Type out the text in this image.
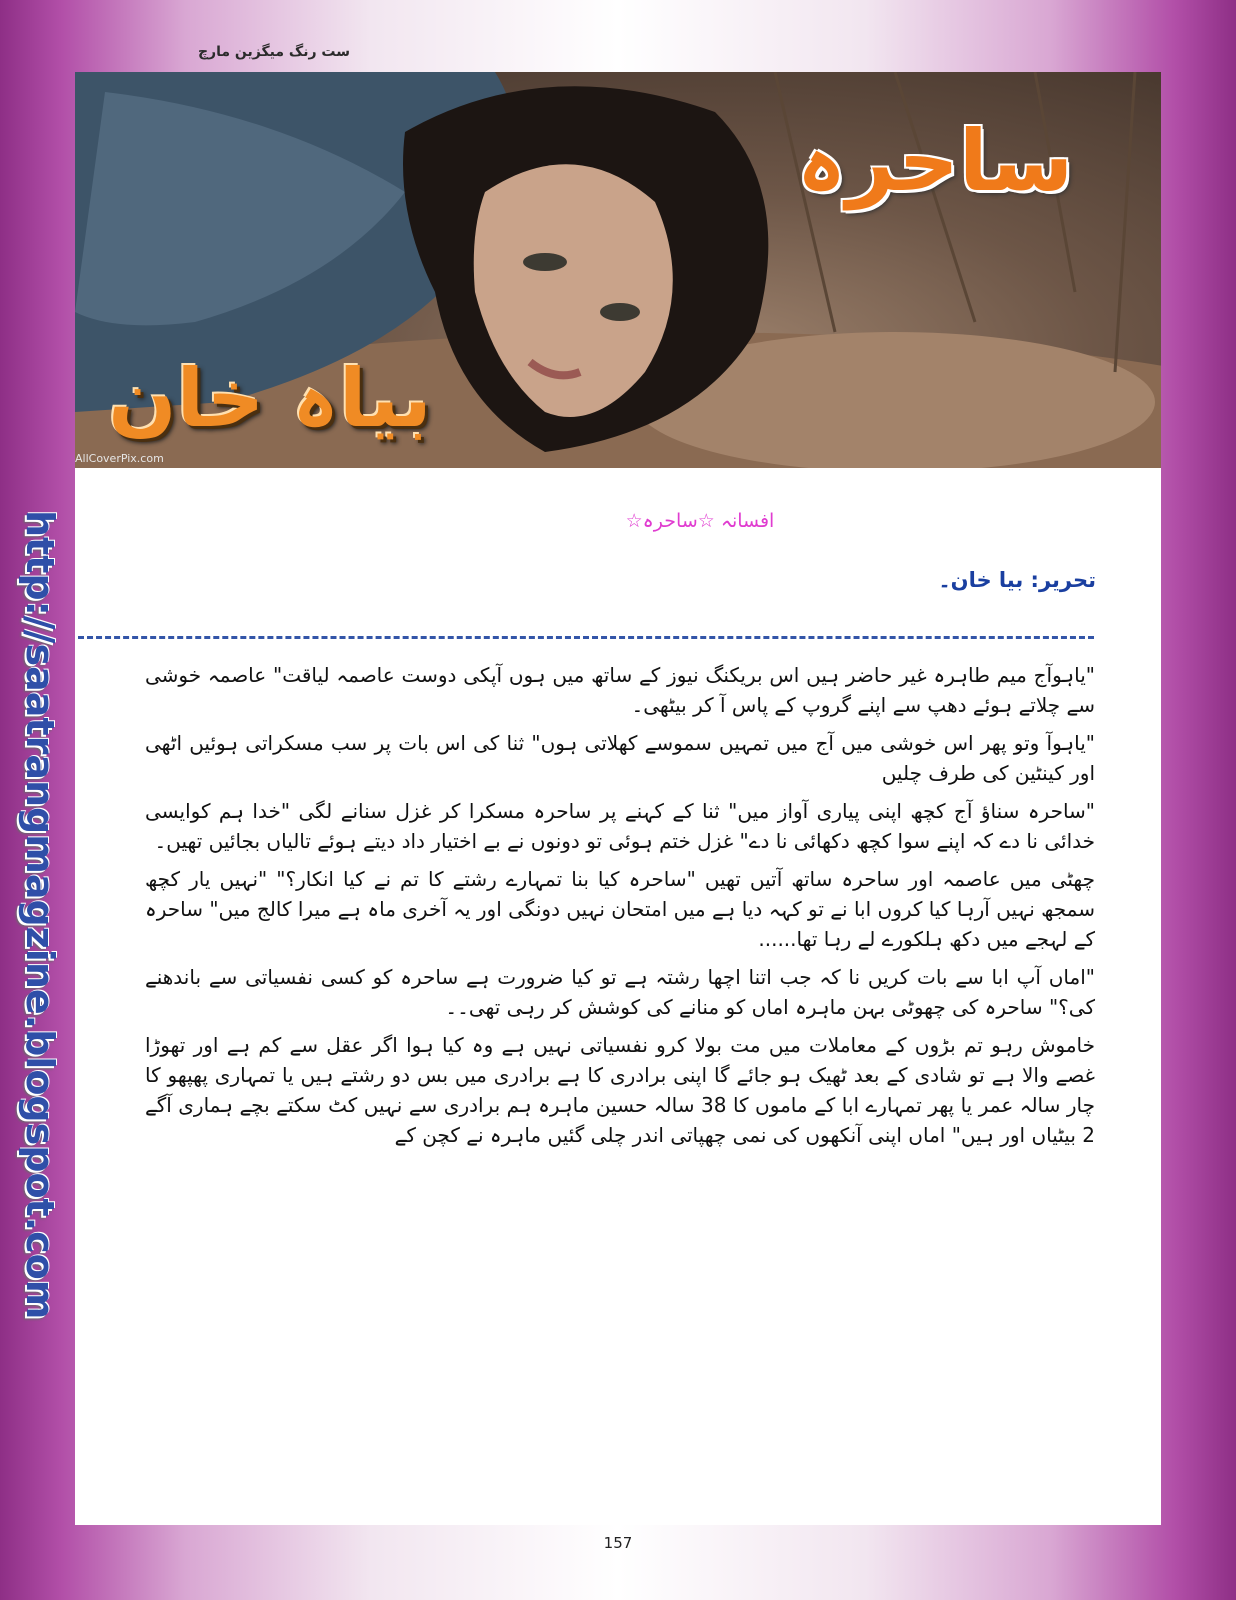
ست رنگ میگزین مارچ
ساحرہ
بیاہ خان
AllCoverPix.com
http://saatrangmagzine.blogspot.com	افسانہ ☆ساحرہ☆
تحریر: بیا خان۔

"یاہوآج میم طاہرہ غیر حاضر ہیں اس بریکنگ نیوز کے ساتھ میں ہوں آپکی دوست عاصمہ لیاقت" عاصمہ خوشی سے چلاتے ہوئے دھپ سے اپنے گروپ کے پاس آ کر بیٹھی۔

"یاہوآ وتو پھر اس خوشی میں آج میں تمہیں سموسے کھلاتی ہوں" ثنا کی اس بات پر سب مسکراتی ہوئیں اٹھی اور کینٹین کی طرف چلیں

"ساحرہ سناؤ آج کچھ اپنی پیاری آواز میں" ثنا کے کہنے پر ساحرہ مسکرا کر غزل سنانے لگی "خدا ہم کوایسی خدائی نا دے کہ اپنے سوا کچھ دکھائی نا دے" غزل ختم ہوئی تو دونوں نے بے اختیار داد دیتے ہوئے تالیاں بجائیں تھیں۔

چھٹی میں عاصمہ اور ساحرہ ساتھ آتیں تھیں "ساحرہ کیا بنا تمہارے رشتے کا تم نے کیا انکار؟" "نہیں یار کچھ سمجھ نہیں آرہا کیا کروں ابا نے تو کہہ دیا ہے میں امتحان نہیں دونگی اور یہ آخری ماہ ہے میرا کالج میں" ساحرہ کے لہجے میں دکھ ہلکورے لے رہا تھا......

"اماں آپ ابا سے بات کریں نا کہ جب اتنا اچھا رشتہ ہے تو کیا ضرورت ہے ساحرہ کو کسی نفسیاتی سے باندھنے کی؟" ساحرہ کی چھوٹی بہن ماہرہ اماں کو منانے کی کوشش کر رہی تھی۔۔

خاموش رہو تم بڑوں کے معاملات میں مت بولا کرو نفسیاتی نہیں ہے وہ کیا ہوا اگر عقل سے کم ہے اور تھوڑا غصے والا ہے تو شادی کے بعد ٹھیک ہو جائے گا اپنی برادری کا ہے برادری میں بس دو رشتے ہیں یا تمہاری پھپھو کا چار سالہ عمر یا پھر تمہارے ابا کے ماموں کا 38 سالہ حسین ماہرہ ہم برادری سے نہیں کٹ سکتے بچے ہماری آگے 2 بیٹیاں اور ہیں" اماں اپنی آنکھوں کی نمی چھپاتی اندر چلی گئیں ماہرہ نے کچن کے

157
